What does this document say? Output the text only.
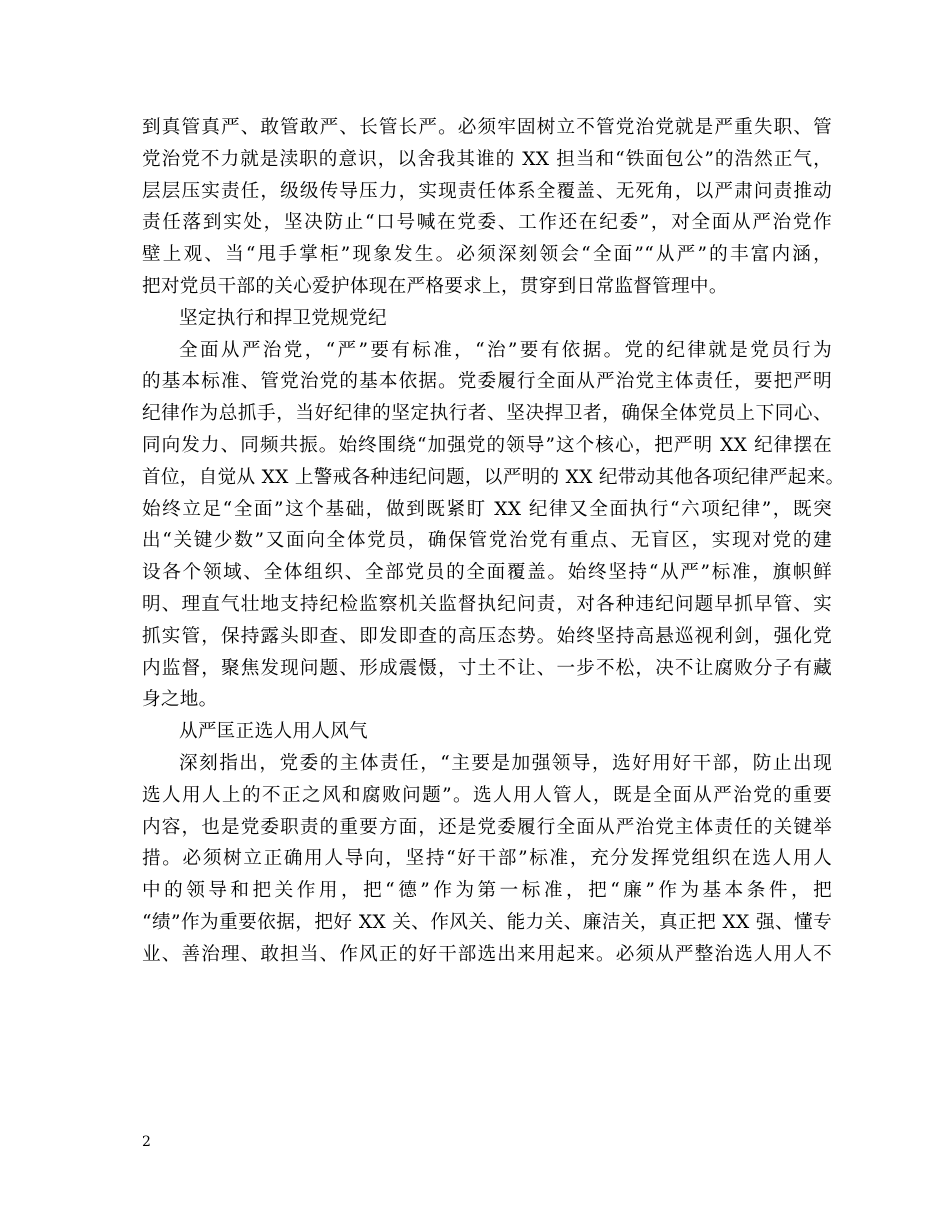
到真管真严、敢管敢严、长管长严。必须牢固树立不管党治党就是严重失职、管
党治党不力就是渎职的意识，以舍我其谁的 XX 担当和“铁面包公”的浩然正气，
层层压实责任，级级传导压力，实现责任体系全覆盖、无死角，以严肃问责推动
责任落到实处，坚决防止“口号喊在党委、工作还在纪委”，对全面从严治党作
壁上观、当“甩手掌柜”现象发生。必须深刻领会“全面”“从严”的丰富内涵，
把对党员干部的关心爱护体现在严格要求上，贯穿到日常监督管理中。
坚定执行和捍卫党规党纪
全面从严治党，“严”要有标准，“治”要有依据。党的纪律就是党员行为
的基本标准、管党治党的基本依据。党委履行全面从严治党主体责任，要把严明
纪律作为总抓手，当好纪律的坚定执行者、坚决捍卫者，确保全体党员上下同心、
同向发力、同频共振。始终围绕“加强党的领导”这个核心，把严明 XX 纪律摆在
首位，自觉从 XX 上警戒各种违纪问题，以严明的 XX 纪带动其他各项纪律严起来。
始终立足“全面”这个基础，做到既紧盯 XX 纪律又全面执行“六项纪律”，既突
出“关键少数”又面向全体党员，确保管党治党有重点、无盲区，实现对党的建
设各个领域、全体组织、全部党员的全面覆盖。始终坚持“从严”标准，旗帜鲜
明、理直气壮地支持纪检监察机关监督执纪问责，对各种违纪问题早抓早管、实
抓实管，保持露头即查、即发即查的高压态势。始终坚持高悬巡视利剑，强化党
内监督，聚焦发现问题、形成震慑，寸土不让、一步不松，决不让腐败分子有藏
身之地。
从严匡正选人用人风气
深刻指出，党委的主体责任，“主要是加强领导，选好用好干部，防止出现
选人用人上的不正之风和腐败问题”。选人用人管人，既是全面从严治党的重要
内容，也是党委职责的重要方面，还是党委履行全面从严治党主体责任的关键举
措。必须树立正确用人导向，坚持“好干部”标准，充分发挥党组织在选人用人
中的领导和把关作用，把“德”作为第一标准，把“廉”作为基本条件，把
“绩”作为重要依据，把好 XX 关、作风关、能力关、廉洁关，真正把 XX 强、懂专
业、善治理、敢担当、作风正的好干部选出来用起来。必须从严整治选人用人不
2
